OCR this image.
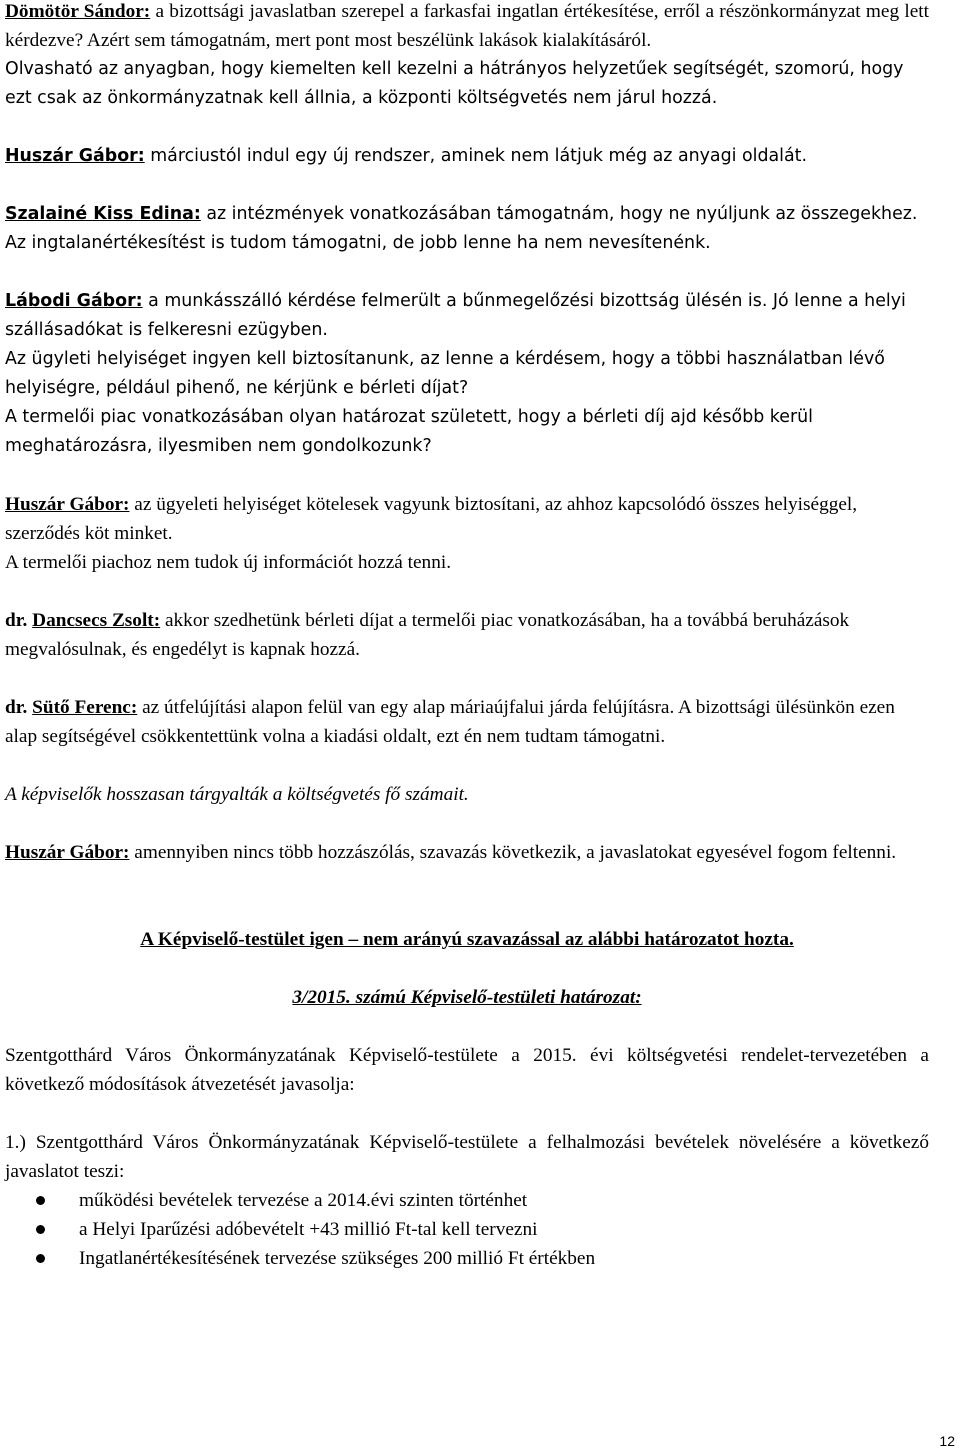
Dömötör Sándor: a bizottsági javaslatban szerepel a farkasfai ingatlan értékesítése, erről a részönkormányzat meg lett kérdezve? Azért sem támogatnám, mert pont most beszélünk lakások kialakításáról.

Olvasható az anyagban, hogy kiemelten kell kezelni a hátrányos helyzetűek segítségét, szomorú, hogy ezt csak az önkormányzatnak kell állnia, a központi költségvetés nem járul hozzá.

Huszár Gábor: márciustól indul egy új rendszer, aminek nem látjuk még az anyagi oldalát.

Szalainé Kiss Edina: az intézmények vonatkozásában támogatnám, hogy ne nyúljunk az összegekhez.

Az ingtalanértékesítést is tudom támogatni, de jobb lenne ha nem nevesítenénk.

Lábodi Gábor: a munkásszálló kérdése felmerült a bűnmegelőzési bizottság ülésén is. Jó lenne a helyi szállásadókat is felkeresni ezügyben.

Az ügyleti helyiséget ingyen kell biztosítanunk, az lenne a kérdésem, hogy a többi használatban lévő helyiségre, például pihenő, ne kérjünk e bérleti díjat?

A termelői piac vonatkozásában olyan határozat született, hogy a bérleti díj ajd később kerül meghatározásra, ilyesmiben nem gondolkozunk?

Huszár Gábor: az ügyeleti helyiséget kötelesek vagyunk biztosítani, az ahhoz kapcsolódó összes helyiséggel, szerződés köt minket.

A termelői piachoz nem tudok új információt hozzá tenni.

dr. Dancsecs Zsolt: akkor szedhetünk bérleti díjat a termelői piac vonatkozásában, ha a továbbá beruházások megvalósulnak, és engedélyt is kapnak hozzá.

dr. Sütő Ferenc: az útfelújítási alapon felül van egy alap máriaújfalui járda felújításra. A bizottsági ülésünkön ezen alap segítségével csökkentettünk volna a kiadási oldalt, ezt én nem tudtam támogatni.

A képviselők hosszasan tárgyalták a költségvetés fő számait.

Huszár Gábor: amennyiben nincs több hozzászólás, szavazás következik, a javaslatokat egyesével fogom feltenni.

A Képviselő-testület igen – nem arányú szavazással az alábbi határozatot hozta.

3/2015. számú Képviselő-testületi határozat:

Szentgotthárd Város Önkormányzatának Képviselő-testülete a 2015. évi költségvetési rendelet-tervezetében a következő módosítások átvezetését javasolja:

1.) Szentgotthárd Város Önkormányzatának Képviselő-testülete a felhalmozási bevételek növelésére a következő javaslatot teszi:

működési bevételek tervezése a 2014.évi szinten történhet
a Helyi Iparűzési adóbevételt +43 millió Ft-tal kell tervezni
Ingatlanértékesítésének tervezése szükséges 200 millió Ft értékben
12
